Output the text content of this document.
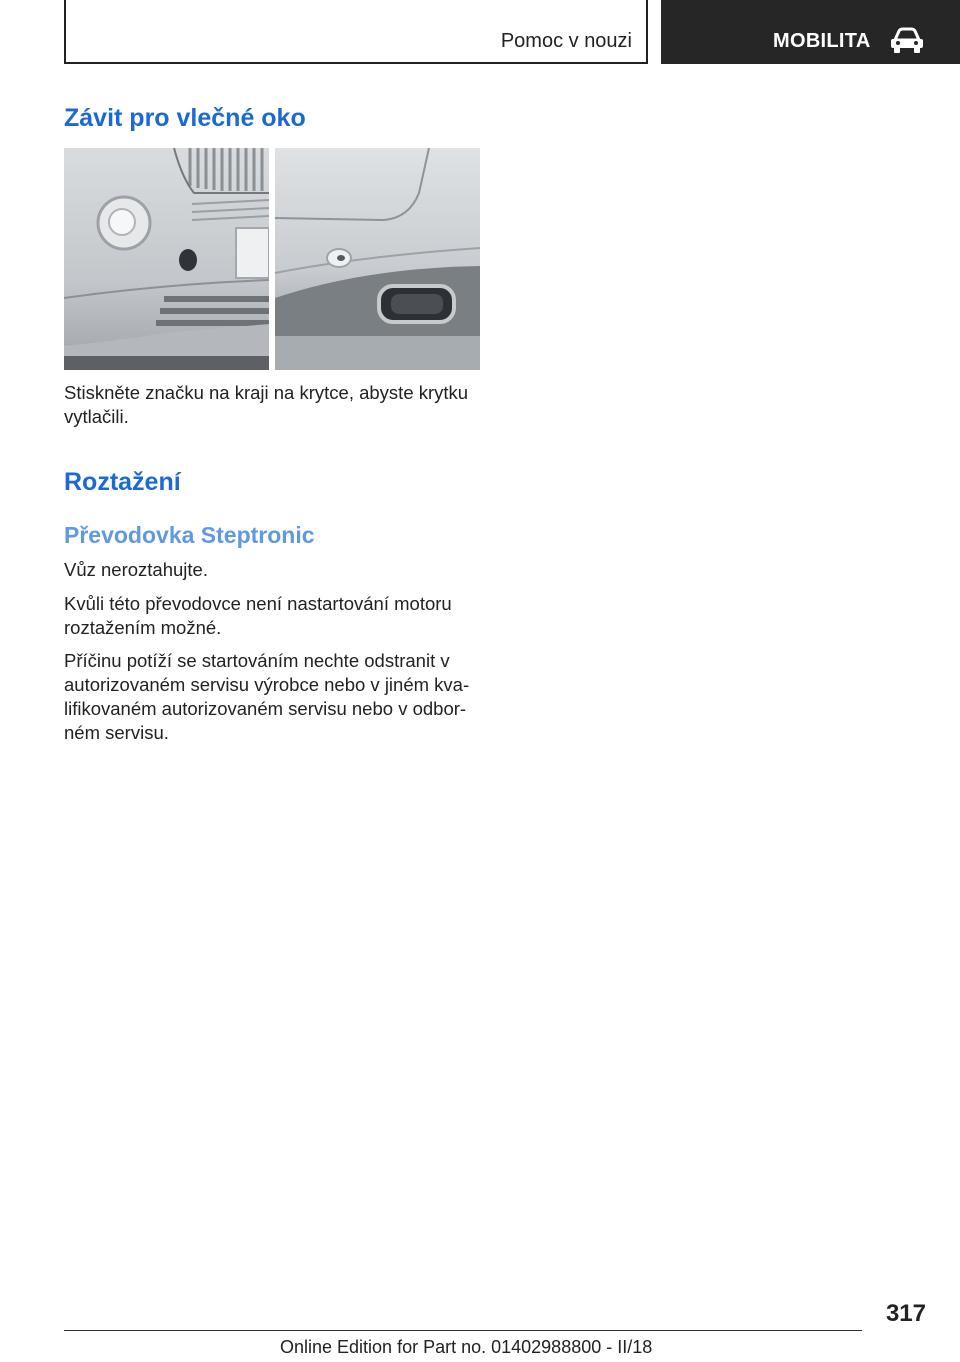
Pomoc v nouzi	MOBILITA
Závit pro vlečné oko

Stiskněte značku na kraji na krytce, abyste krytku vytlačili.

Roztažení
Převodovka Steptronic

Vůz neroztahujte.

Kvůli této převodovce není nastartování motoru roztažením možné.

Příčinu potíží se startováním nechte odstranit v autorizovaném servisu výrobce nebo v jiném kvalifikovaném autorizovaném servisu nebo v odborném servisu.

317
Online Edition for Part no. 01402988800 - II/18
